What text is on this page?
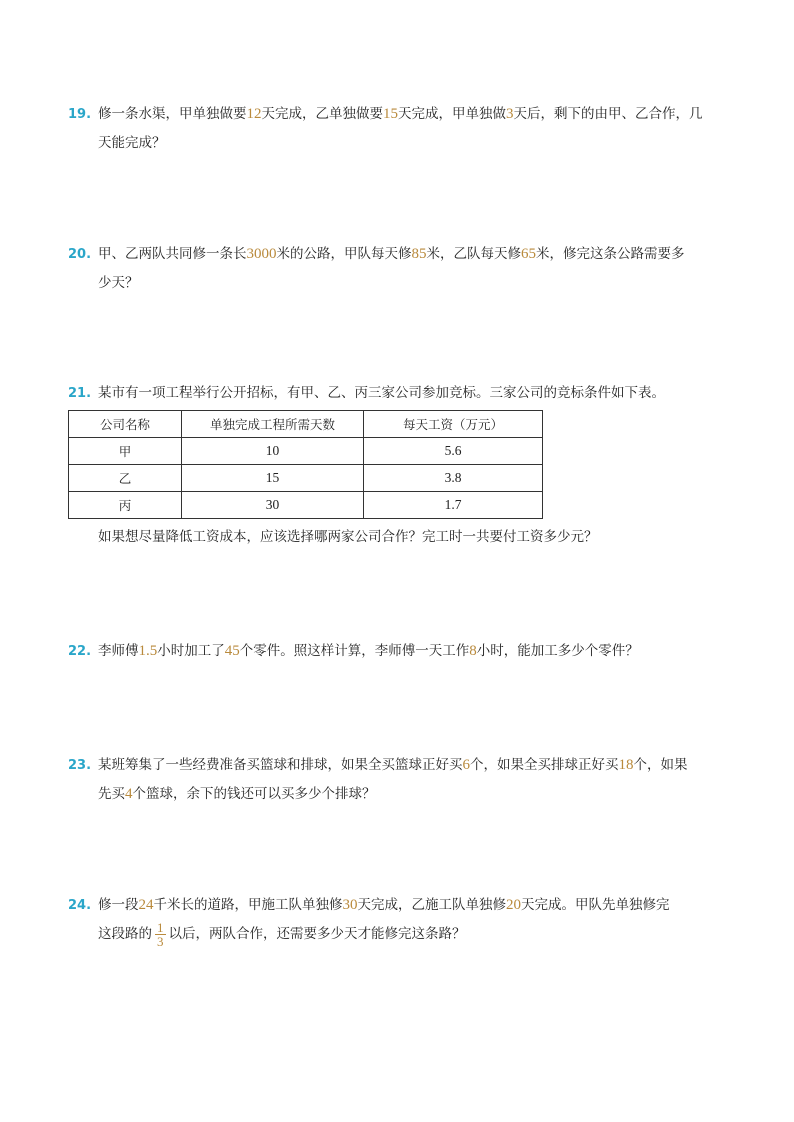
19. 修一条水渠，甲单独做要12天完成，乙单独做要15天完成，甲单独做3天后，剩下的由甲、乙合作，几
天能完成？
20. 甲、乙两队共同修一条长3000米的公路，甲队每天修85米，乙队每天修65米，修完这条公路需要多
少天？
21. 某市有一项工程举行公开招标，有甲、乙、丙三家公司参加竞标。三家公司的竞标条件如下表。
公司名称	单独完成工程所需天数	每天工资（万元）
甲	10	5.6
乙	15	3.8
丙	30	1.7
如果想尽量降低工资成本，应该选择哪两家公司合作？完工时一共要付工资多少元？
22. 李师傅1.5小时加工了45个零件。照这样计算，李师傅一天工作8小时，能加工多少个零件？
23. 某班筹集了一些经费准备买篮球和排球，如果全买篮球正好买6个，如果全买排球正好买18个，如果
先买4个篮球，余下的钱还可以买多少个排球？
24. 修一段24千米长的道路，甲施工队单独修30天完成，乙施工队单独修20天完成。甲队先单独修完
这段路的 $\frac{1}{3}$ 以后，两队合作，还需要多少天才能修完这条路？
